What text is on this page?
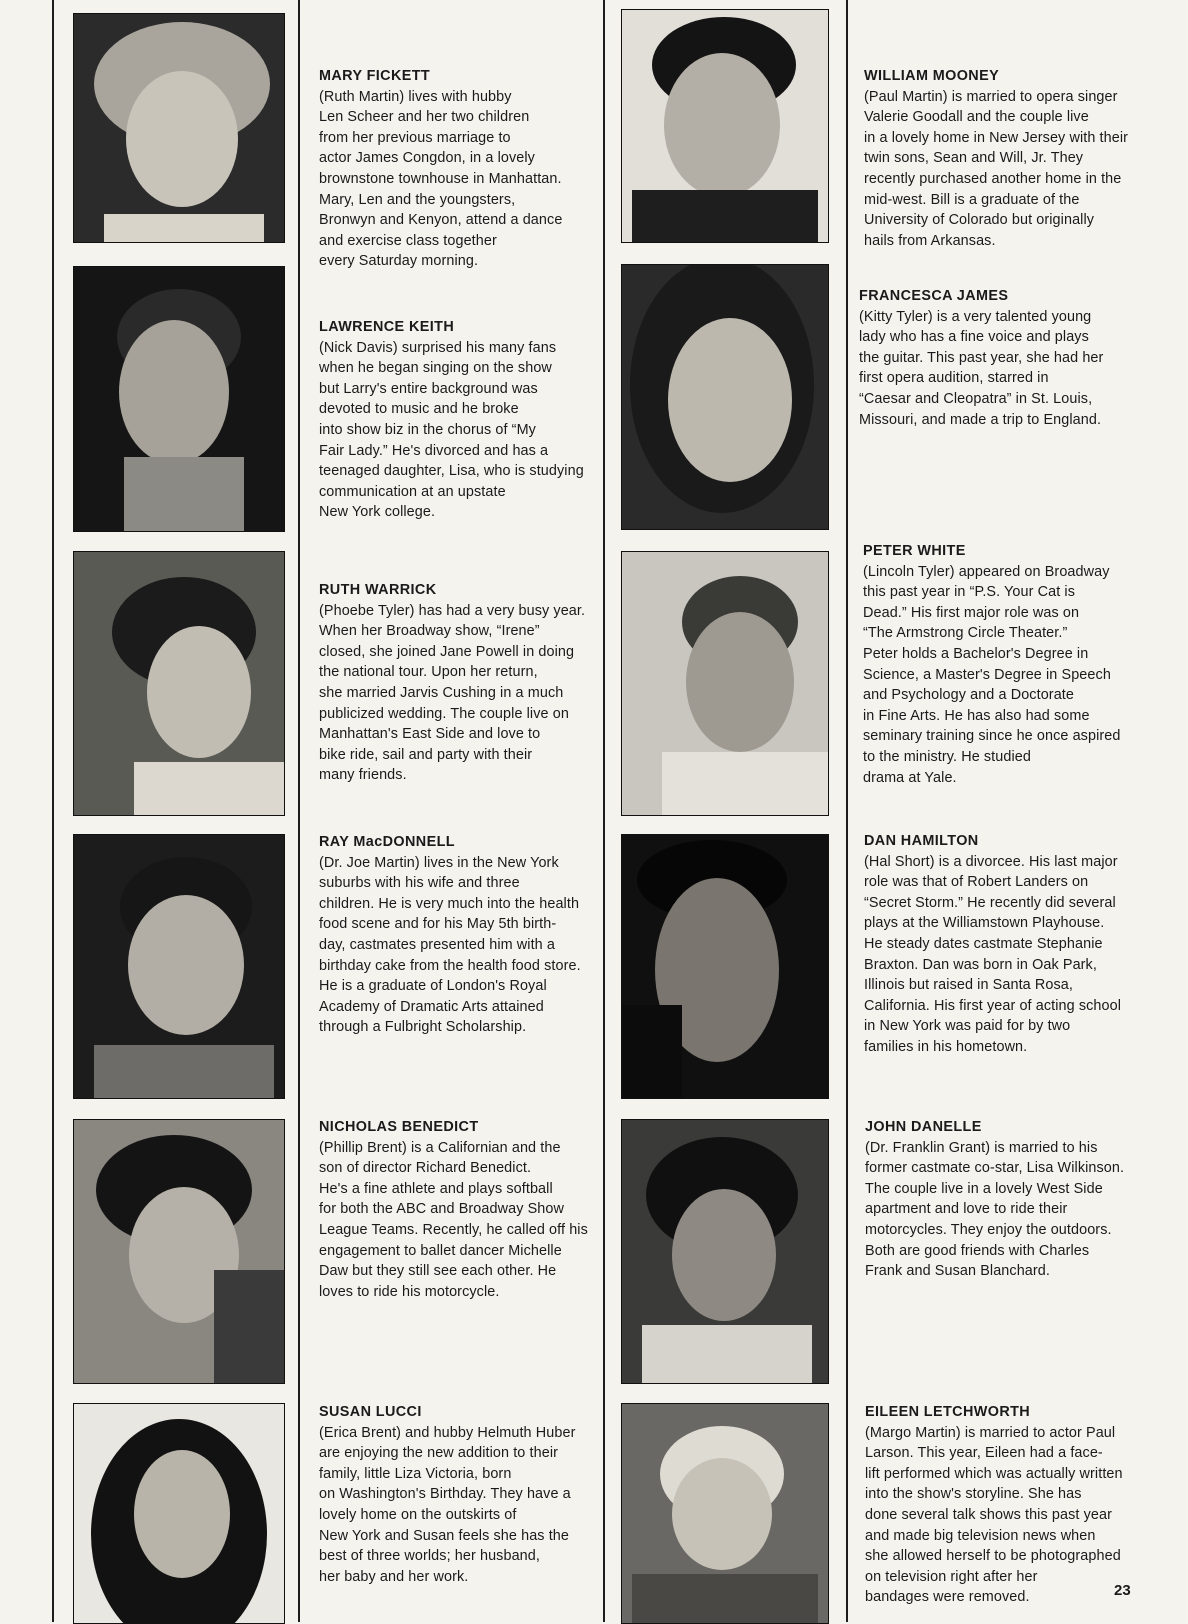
MARY FICKETT
(Ruth Martin) lives with hubby
Len Scheer and her two children
from her previous marriage to
actor James Congdon, in a lovely
brownstone townhouse in Manhattan.
Mary, Len and the youngsters,
Bronwyn and Kenyon, attend a dance
and exercise class together
every Saturday morning.
LAWRENCE KEITH
(Nick Davis) surprised his many fans
when he began singing on the show
but Larry's entire background was
devoted to music and he broke
into show biz in the chorus of “My
Fair Lady.” He's divorced and has a
teenaged daughter, Lisa, who is studying
communication at an upstate
New York college.
RUTH WARRICK
(Phoebe Tyler) has had a very busy year.
When her Broadway show, “Irene”
closed, she joined Jane Powell in doing
the national tour. Upon her return,
she married Jarvis Cushing in a much
publicized wedding. The couple live on
Manhattan's East Side and love to
bike ride, sail and party with their
many friends.
RAY MacDONNELL
(Dr. Joe Martin) lives in the New York
suburbs with his wife and three
children. He is very much into the health
food scene and for his May 5th birth-
day, castmates presented him with a
birthday cake from the health food store.
He is a graduate of London's Royal
Academy of Dramatic Arts attained
through a Fulbright Scholarship.
NICHOLAS BENEDICT
(Phillip Brent) is a Californian and the
son of director Richard Benedict.
He's a fine athlete and plays softball
for both the ABC and Broadway Show
League Teams. Recently, he called off his
engagement to ballet dancer Michelle
Daw but they still see each other. He
loves to ride his motorcycle.
SUSAN LUCCI
(Erica Brent) and hubby Helmuth Huber
are enjoying the new addition to their
family, little Liza Victoria, born
on Washington's Birthday. They have a
lovely home on the outskirts of
New York and Susan feels she has the
best of three worlds; her husband,
her baby and her work.
WILLIAM MOONEY
(Paul Martin) is married to opera singer
Valerie Goodall and the couple live
in a lovely home in New Jersey with their
twin sons, Sean and Will, Jr. They
recently purchased another home in the
mid-west. Bill is a graduate of the
University of Colorado but originally
hails from Arkansas.
FRANCESCA JAMES
(Kitty Tyler) is a very talented young
lady who has a fine voice and plays
the guitar. This past year, she had her
first opera audition, starred in
“Caesar and Cleopatra” in St. Louis,
Missouri, and made a trip to England.
PETER WHITE
(Lincoln Tyler) appeared on Broadway
this past year in “P.S. Your Cat is
Dead.” His first major role was on
“The Armstrong Circle Theater.”
Peter holds a Bachelor's Degree in
Science, a Master's Degree in Speech
and Psychology and a Doctorate
in Fine Arts. He has also had some
seminary training since he once aspired
to the ministry. He studied
drama at Yale.
DAN HAMILTON
(Hal Short) is a divorcee. His last major
role was that of Robert Landers on
“Secret Storm.” He recently did several
plays at the Williamstown Playhouse.
He steady dates castmate Stephanie
Braxton. Dan was born in Oak Park,
Illinois but raised in Santa Rosa,
California. His first year of acting school
in New York was paid for by two
families in his hometown.
JOHN DANELLE
(Dr. Franklin Grant) is married to his
former castmate co-star, Lisa Wilkinson.
The couple live in a lovely West Side
apartment and love to ride their
motorcycles. They enjoy the outdoors.
Both are good friends with Charles
Frank and Susan Blanchard.
EILEEN LETCHWORTH
(Margo Martin) is married to actor Paul
Larson. This year, Eileen had a face-
lift performed which was actually written
into the show's storyline. She has
done several talk shows this past year
and made big television news when
she allowed herself to be photographed
on television right after her
bandages were removed.	23
